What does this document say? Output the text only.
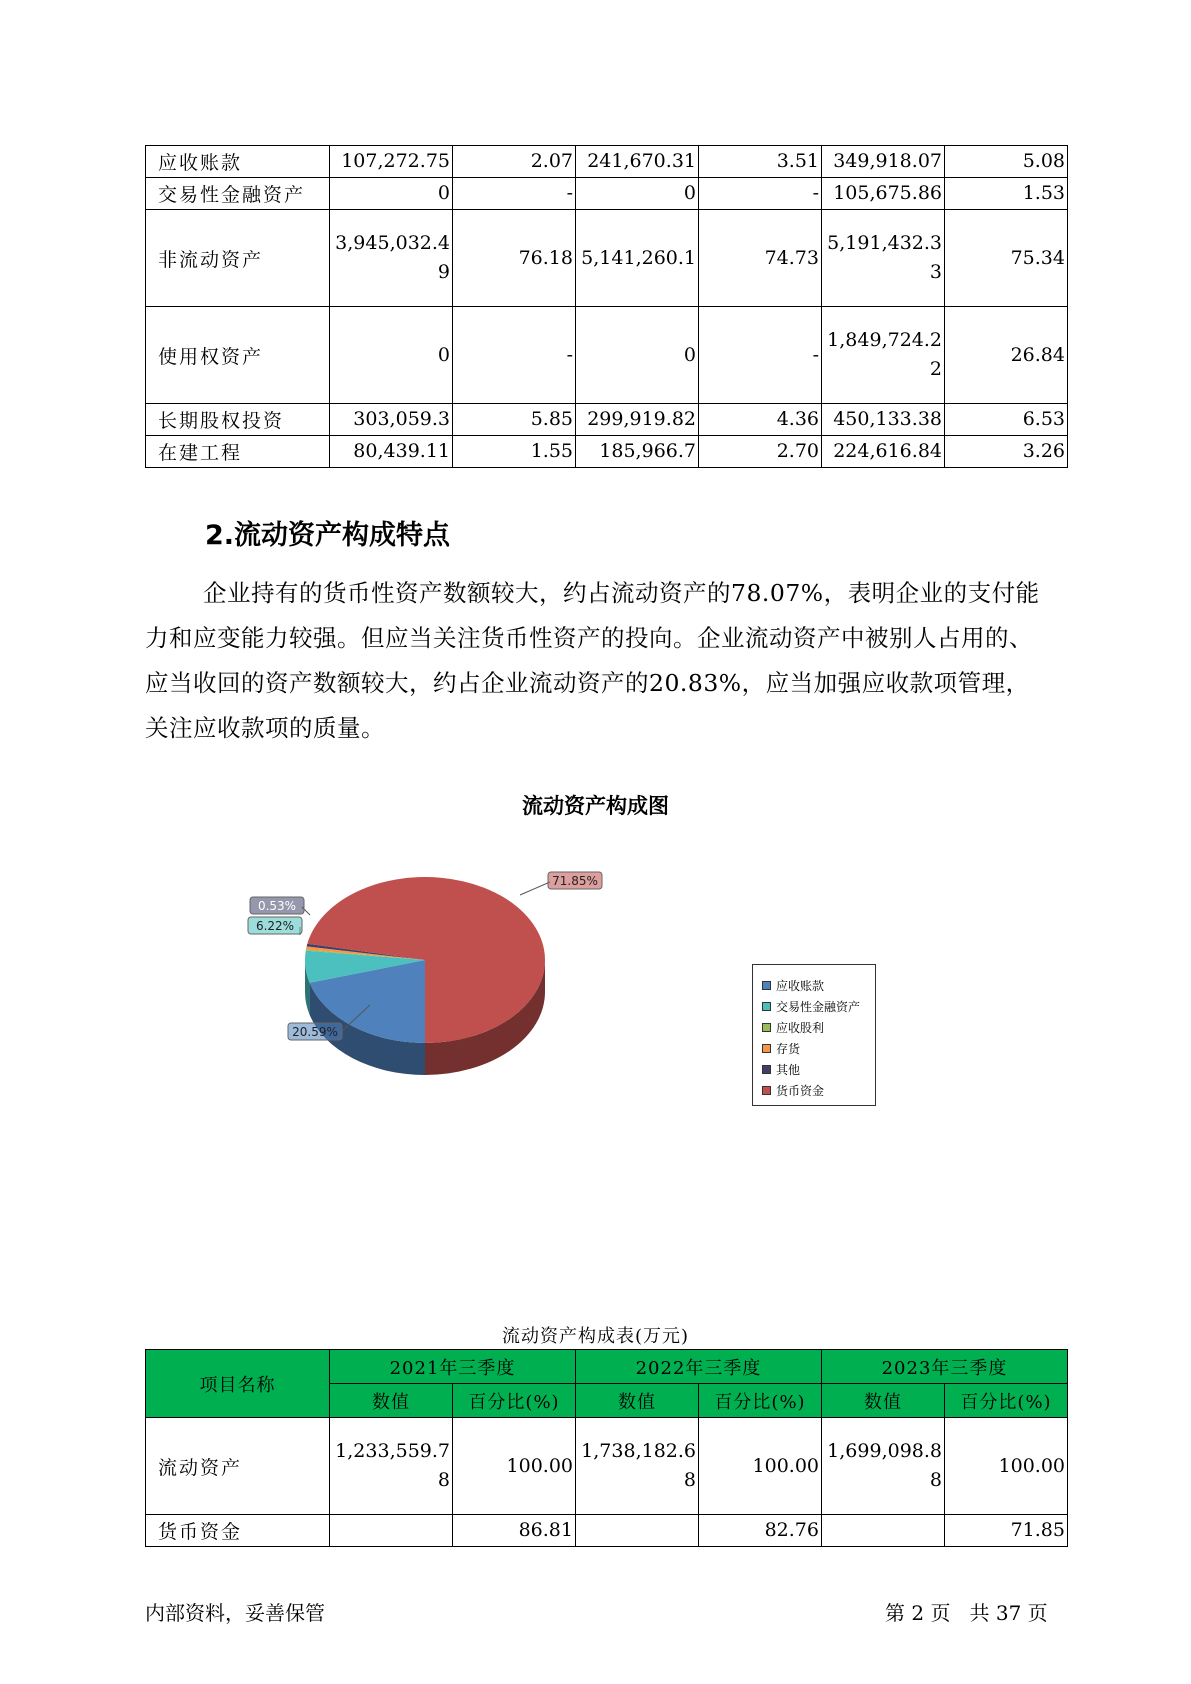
应收账款	107,272.75	2.07	241,670.31	3.51	349,918.07	5.08
交易性金融资产	0	-	0	-	105,675.86	1.53
非流动资产	3,945,032.49	76.18	5,141,260.1	74.73	5,191,432.33	75.34
使用权资产	0	-	0	-	1,849,724.22	26.84
长期股权投资	303,059.3	5.85	299,919.82	4.36	450,133.38	6.53
在建工程	80,439.11	1.55	185,966.7	2.70	224,616.84	3.26
2.流动资产构成特点
企业持有的货币性资产数额较大，约占流动资产的78.07%，表明企业的支付能力和应变能力较强。但应当关注货币性资产的投向。企业流动资产中被别人占用的、应当收回的资产数额较大，约占企业流动资产的20.83%，应当加强应收款项管理，关注应收款项的质量。
流动资产构成图
20.59%
6.22%
0.53%
71.85%
应收账款
交易性金融资产
应收股利
存货
其他
货币资金
流动资产构成表(万元)
项目名称	2021年三季度		2022年三季度		2023年三季度	
	数值	百分比(%)	数值	百分比(%)	数值	百分比(%)
流动资产	1,233,559.78	100.00	1,738,182.68	100.00	1,699,098.88	100.00
货币资金		86.81		82.76		71.85
内部资料，妥善保管	第 2 页   共 37 页
